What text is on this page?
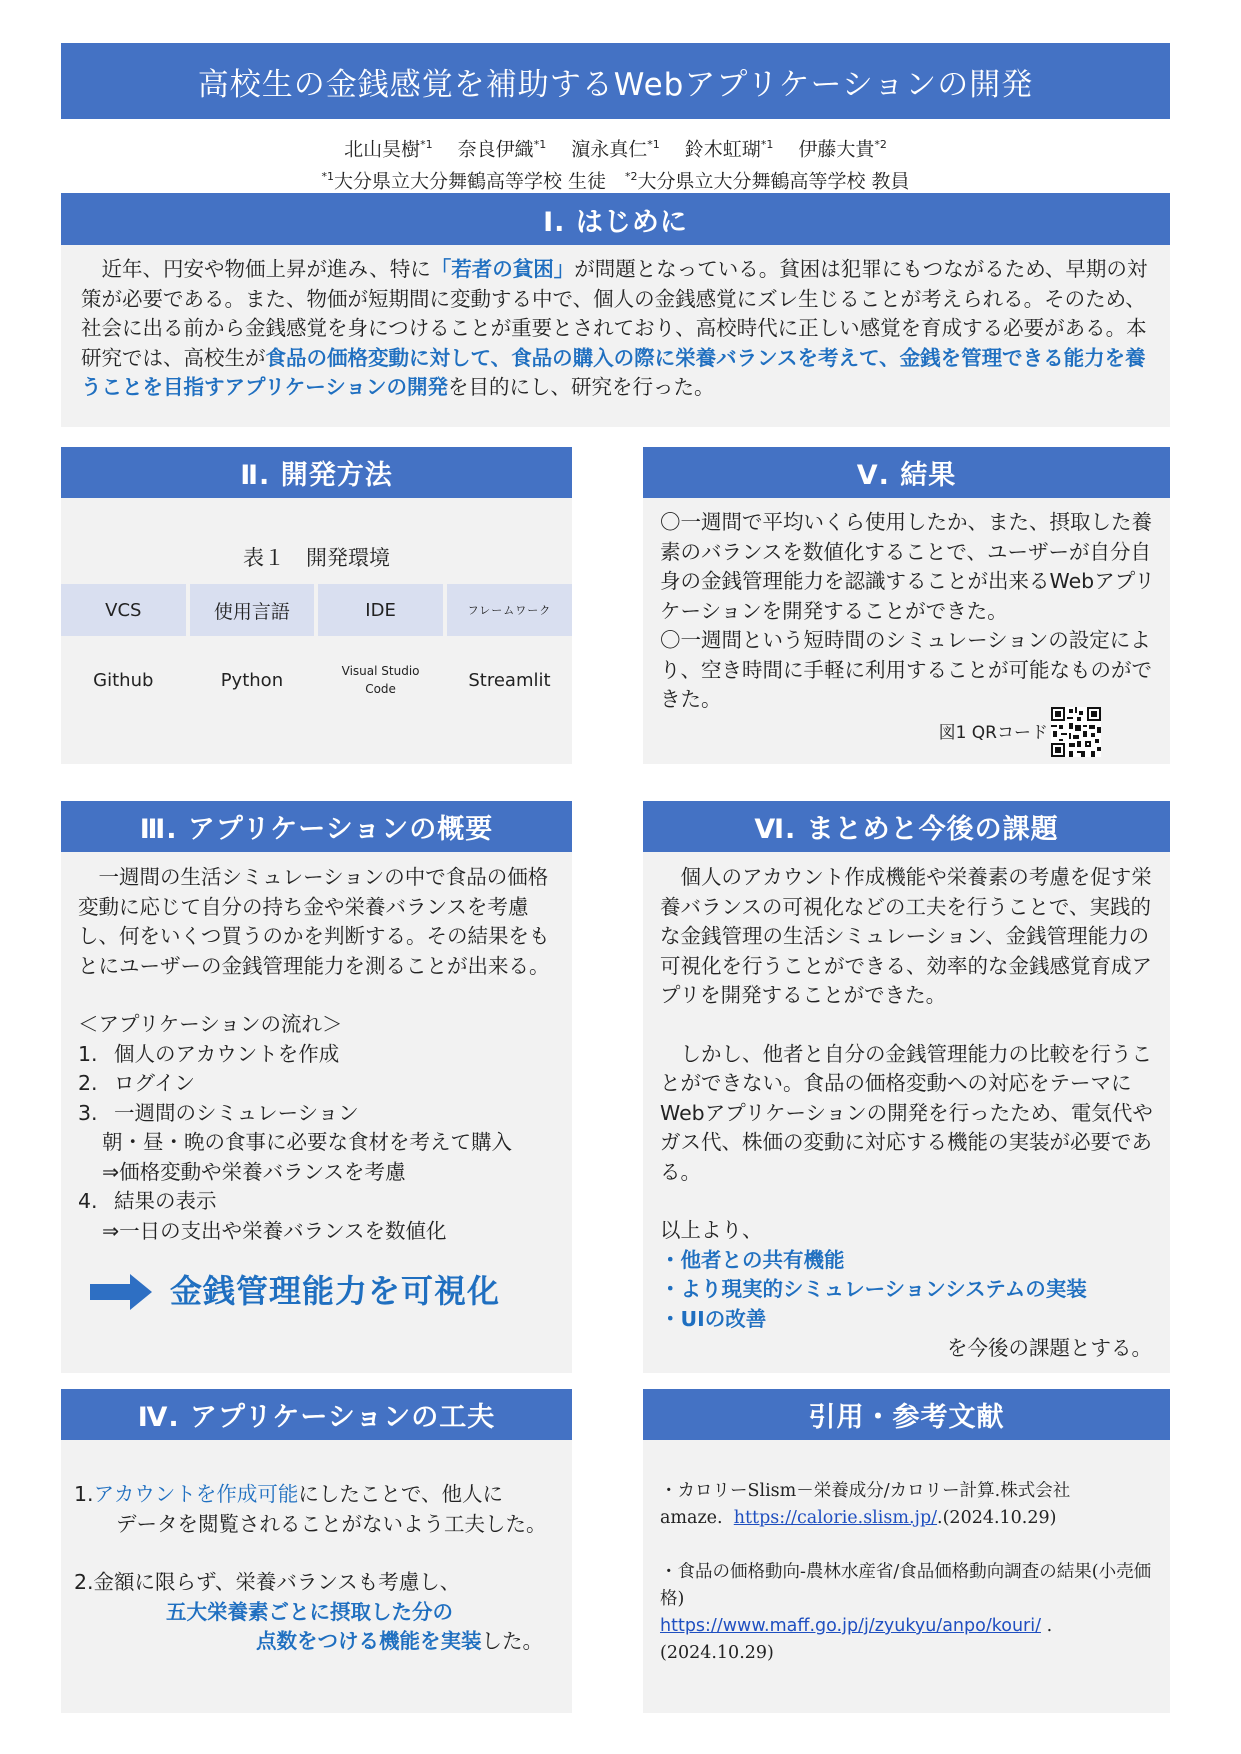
高校生の金銭感覚を補助するWebアプリケーションの開発
北山昊樹$^{*1}$  奈良伊織$^{*1}$  濵永真仁$^{*1}$  鈴木虹瑚$^{*1}$  伊藤大貴$^{*2}$
$^{*1}$大分県立大分舞鶴高等学校 生徒  $^{*2}$大分県立大分舞鶴高等学校 教員
Ⅰ. はじめに
近年、円安や物価上昇が進み、特に「若者の貧困」が問題となっている。貧困は犯罪にもつながるため、早期の対策が必要である。また、物価が短期間に変動する中で、個人の金銭感覚にズレ生じることが考えられる。そのため、社会に出る前から金銭感覚を身につけることが重要とされており、高校時代に正しい感覚を育成する必要がある。本研究では、高校生が食品の価格変動に対して、食品の購入の際に栄養バランスを考えて、金銭を管理できる能力を養うことを目指すアプリケーションの開発を目的にし、研究を行った。
Ⅱ. 開発方法
表１　開発環境
VCS	使用言語	IDE	フレームワーク
Github	Python	Visual Studio Code	Streamlit
Ⅴ. 結果
〇一週間で平均いくら使用したか、また、摂取した養素のバランスを数値化することで、ユーザーが自分自身の金銭管理能力を認識することが出来るWebアプリケーションを開発することができた。
〇一週間という短時間のシミュレーションの設定により、空き時間に手軽に利用することが可能なものができた。
図1 QRコード
Ⅲ. アプリケーションの概要
一週間の生活シミュレーションの中で食品の価格変動に応じて自分の持ち金や栄養バランスを考慮し、何をいくつ買うのかを判断する。その結果をもとにユーザーの金銭管理能力を測ることが出来る。
＜アプリケーションの流れ＞
1. 個人のアカウントを作成
2. ログイン
3. 一週間のシミュレーション
朝・昼・晩の食事に必要な食材を考えて購入
⇒価格変動や栄養バランスを考慮
4. 結果の表示
⇒一日の支出や栄養バランスを数値化
金銭管理能力を可視化
Ⅵ. まとめと今後の課題
個人のアカウント作成機能や栄養素の考慮を促す栄養バランスの可視化などの工夫を行うことで、実践的な金銭管理の生活シミュレーション、金銭管理能力の可視化を行うことができる、効率的な金銭感覚育成アプリを開発することができた。
しかし、他者と自分の金銭管理能力の比較を行うことができない。食品の価格変動への対応をテーマにWebアプリケーションの開発を行ったため、電気代やガス代、株価の変動に対応する機能の実装が必要である。
以上より、
・他者との共有機能
・より現実的シミュレーションシステムの実装
・UIの改善
を今後の課題とする。
Ⅳ. アプリケーションの工夫
1.アカウントを作成可能にしたことで、他人に
データを閲覧されることがないよう工夫した。
2.金額に限らず、栄養バランスも考慮し、
五大栄養素ごとに摂取した分の
点数をつける機能を実装した。
引用・参考文献
・カロリーSlism－栄養成分/カロリー計算.株式会社amaze. https://calorie.slism.jp/.(2024.10.29)
・食品の価格動向-農林水産省/食品価格動向調査の結果(小売価格)
https://www.maff.go.jp/j/zyukyu/anpo/kouri/ .(2024.10.29)
